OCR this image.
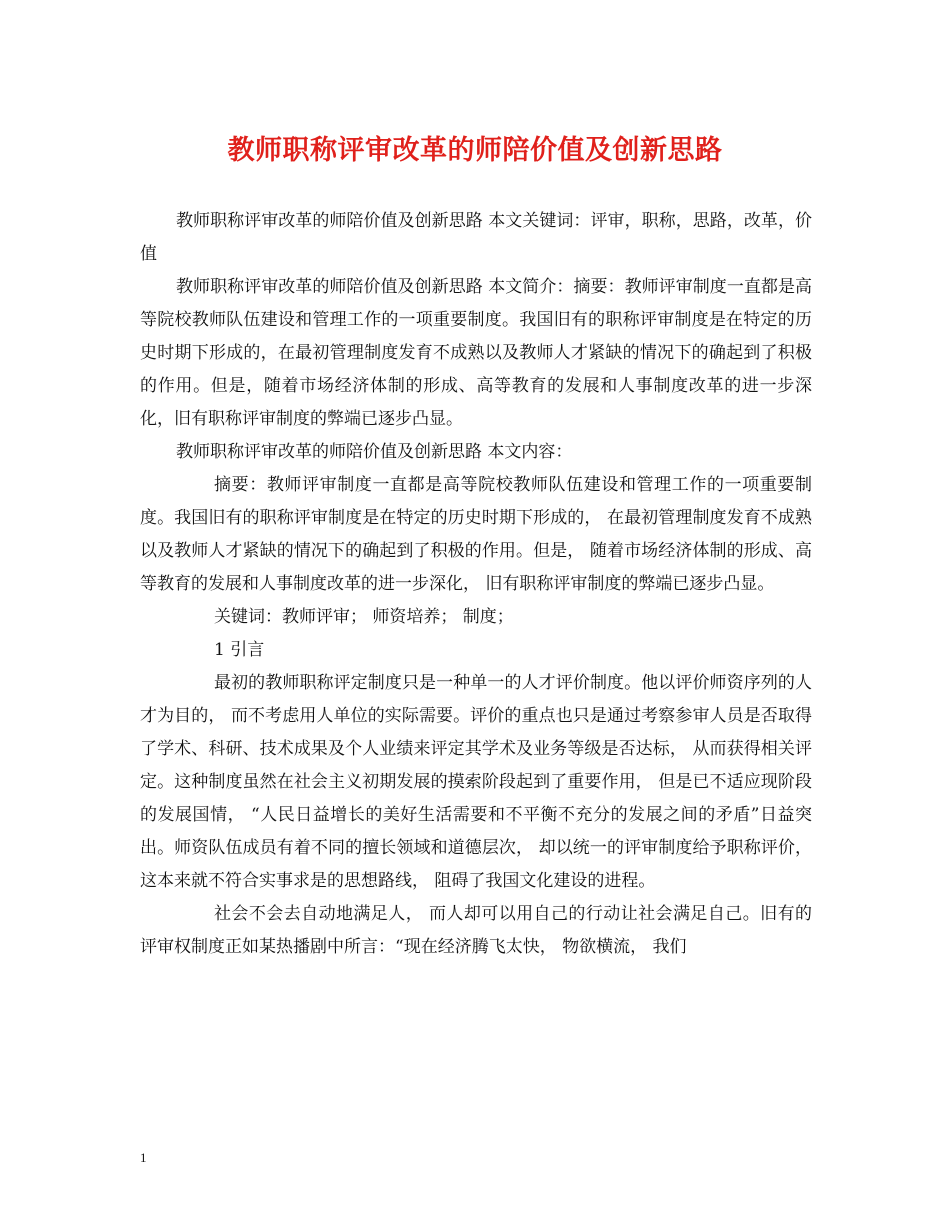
教师职称评审改革的师陪价值及创新思路

教师职称评审改革的师陪价值及创新思路 本文关键词：评审，职称，思路，改革，价值

教师职称评审改革的师陪价值及创新思路 本文简介：摘要：教师评审制度一直都是高等院校教师队伍建设和管理工作的一项重要制度。我国旧有的职称评审制度是在特定的历史时期下形成的，在最初管理制度发育不成熟以及教师人才紧缺的情况下的确起到了积极的作用。但是，随着市场经济体制的形成、高等教育的发展和人事制度改革的进一步深化，旧有职称评审制度的弊端已逐步凸显。

教师职称评审改革的师陪价值及创新思路 本文内容：

摘要：教师评审制度一直都是高等院校教师队伍建设和管理工作的一项重要制度。我国旧有的职称评审制度是在特定的历史时期下形成的， 在最初管理制度发育不成熟以及教师人才紧缺的情况下的确起到了积极的作用。但是， 随着市场经济体制的形成、高等教育的发展和人事制度改革的进一步深化， 旧有职称评审制度的弊端已逐步凸显。

关键词：教师评审； 师资培养； 制度；

1 引言

最初的教师职称评定制度只是一种单一的人才评价制度。他以评价师资序列的人才为目的， 而不考虑用人单位的实际需要。评价的重点也只是通过考察参审人员是否取得了学术、科研、技术成果及个人业绩来评定其学术及业务等级是否达标， 从而获得相关评定。这种制度虽然在社会主义初期发展的摸索阶段起到了重要作用， 但是已不适应现阶段的发展国情， “人民日益增长的美好生活需要和不平衡不充分的发展之间的矛盾”日益突出。师资队伍成员有着不同的擅长领域和道德层次， 却以统一的评审制度给予职称评价， 这本来就不符合实事求是的思想路线， 阻碍了我国文化建设的进程。

社会不会去自动地满足人， 而人却可以用自己的行动让社会满足自己。旧有的评审权制度正如某热播剧中所言：“现在经济腾飞太快， 物欲横流， 我们

1
